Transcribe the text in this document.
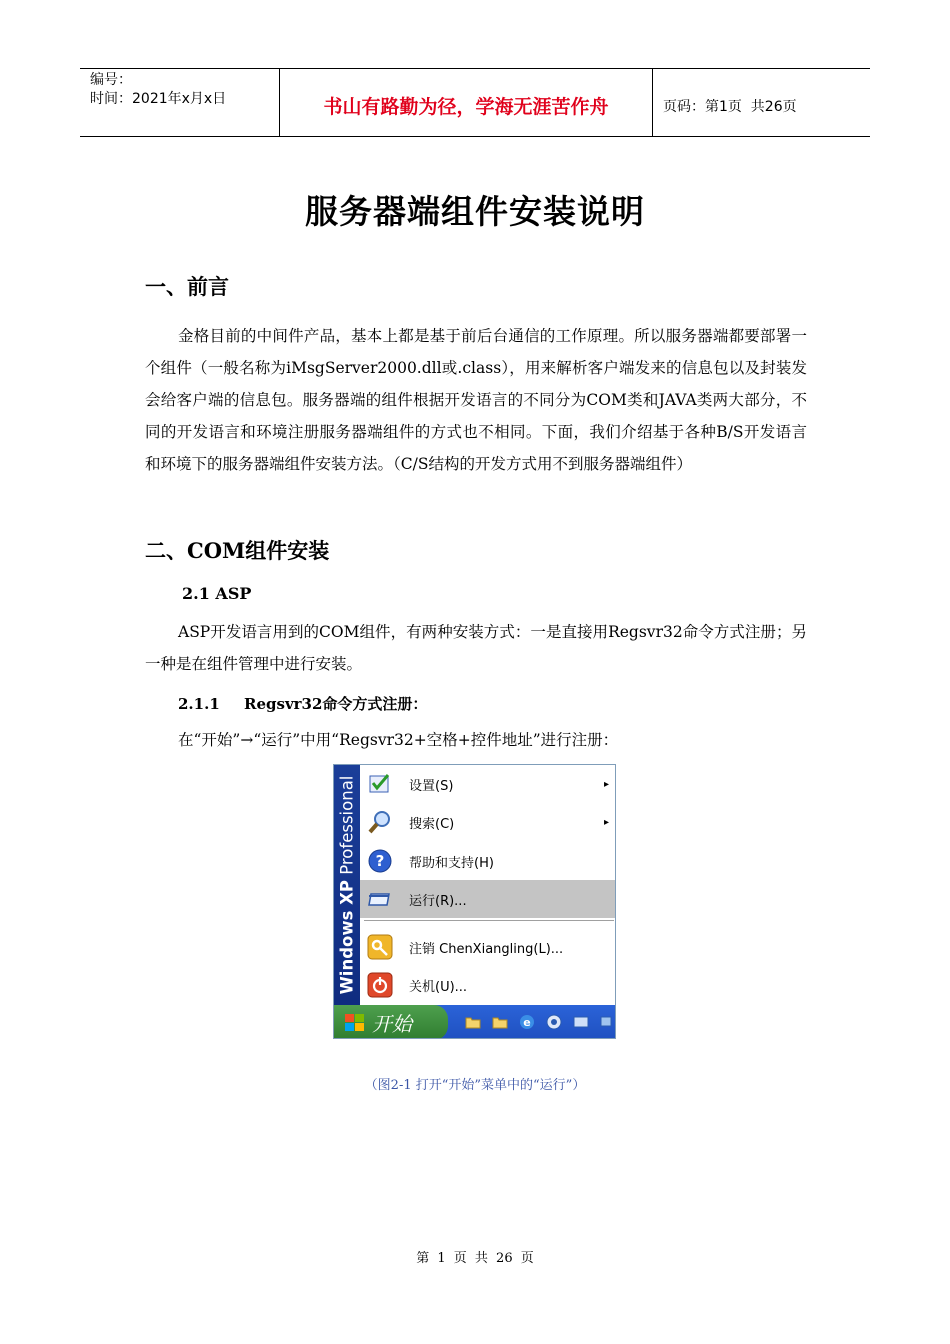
编号：
时间：2021年x月x日	书山有路勤为径，学海无涯苦作舟	页码：第1页  共26页
服务器端组件安装说明
一、前言
金格目前的中间件产品，基本上都是基于前后台通信的工作原理。所以服务器端都要部署一个组件（一般名称为iMsgServer2000.dll或.class），用来解析客户端发来的信息包以及封装发会给客户端的信息包。服务器端的组件根据开发语言的不同分为COM类和JAVA类两大部分，不同的开发语言和环境注册服务器端组件的方式也不相同。下面，我们介绍基于各种B/S开发语言和环境下的服务器端组件安装方法。（C/S结构的开发方式用不到服务器端组件）
二、COM组件安装
2.1 ASP
ASP开发语言用到的COM组件，有两种安装方式：一是直接用Regsvr32命令方式注册；另一种是在组件管理中进行安装。
2.1.1 Regsvr32命令方式注册：
在“开始”→“运行”中用“Regsvr32+空格+控件地址”进行注册：
Windows XP Professional	设置(S)	▸
搜索(C)	▸
? 帮助和支持(H)
运行(R)...
注销 ChenXiangling(L)...
关机(U)...
开始	e
（图2-1 打开“开始”菜单中的“运行”）
第 1 页 共 26 页
